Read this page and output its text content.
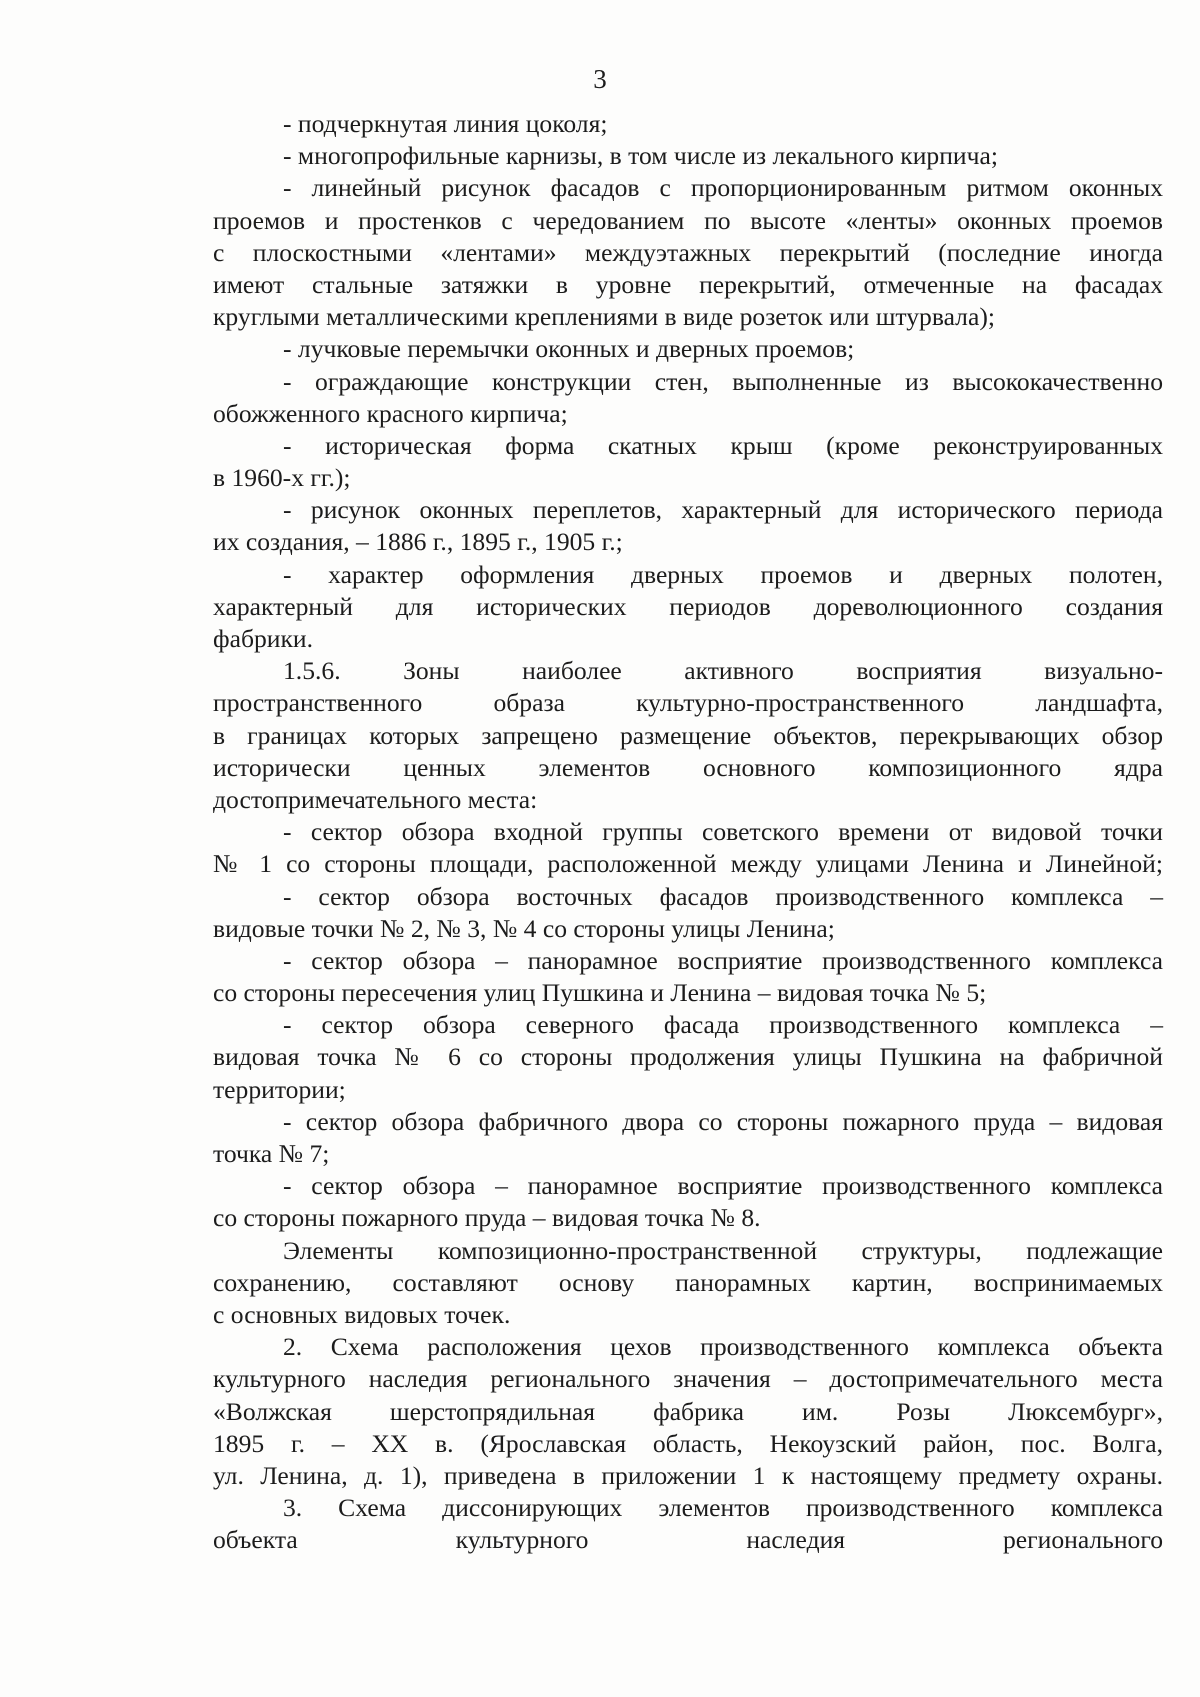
3
- подчеркнутая линия цоколя;
- многопрофильные карнизы, в том числе из лекального кирпича;
- линейный рисунок фасадов с пропорционированным ритмом оконных
проемов и простенков с чередованием по высоте «ленты» оконных проемов
с плоскостными «лентами» междуэтажных перекрытий (последние иногда
имеют стальные затяжки в уровне перекрытий, отмеченные на фасадах
круглыми металлическими креплениями в виде розеток или штурвала);
- лучковые перемычки оконных и дверных проемов;
- ограждающие конструкции стен, выполненные из высококачественно
обожженного красного кирпича;
- историческая форма скатных крыш (кроме реконструированных
в 1960-х гг.);
- рисунок оконных переплетов, характерный для исторического периода
их создания, – 1886 г., 1895 г., 1905 г.;
- характер оформления дверных проемов и дверных полотен,
характерный для исторических периодов дореволюционного создания
фабрики.
1.5.6. Зоны наиболее активного восприятия визуально-
пространственного образа культурно-пространственного ландшафта,
в границах которых запрещено размещение объектов, перекрывающих обзор
исторически ценных элементов основного композиционного ядра
достопримечательного места:
- сектор обзора входной группы советского времени от видовой точки
№ 1 со стороны площади, расположенной между улицами Ленина и Линейной;
- сектор обзора восточных фасадов производственного комплекса –
видовые точки № 2, № 3, № 4 со стороны улицы Ленина;
- сектор обзора – панорамное восприятие производственного комплекса
со стороны пересечения улиц Пушкина и Ленина – видовая точка № 5;
- сектор обзора северного фасада производственного комплекса –
видовая точка № 6 со стороны продолжения улицы Пушкина на фабричной
территории;
- сектор обзора фабричного двора со стороны пожарного пруда – видовая
точка № 7;
- сектор обзора – панорамное восприятие производственного комплекса
со стороны пожарного пруда – видовая точка № 8.
Элементы композиционно-пространственной структуры, подлежащие
сохранению, составляют основу панорамных картин, воспринимаемых
с основных видовых точек.
2. Схема расположения цехов производственного комплекса объекта
культурного наследия регионального значения – достопримечательного места
«Волжская шерстопрядильная фабрика им. Розы Люксембург»,
1895 г. – XX в. (Ярославская область, Некоузский район, пос. Волга,
ул. Ленина, д. 1), приведена в приложении 1 к настоящему предмету охраны.
3. Схема диссонирующих элементов производственного комплекса
объекта культурного наследия регионального
